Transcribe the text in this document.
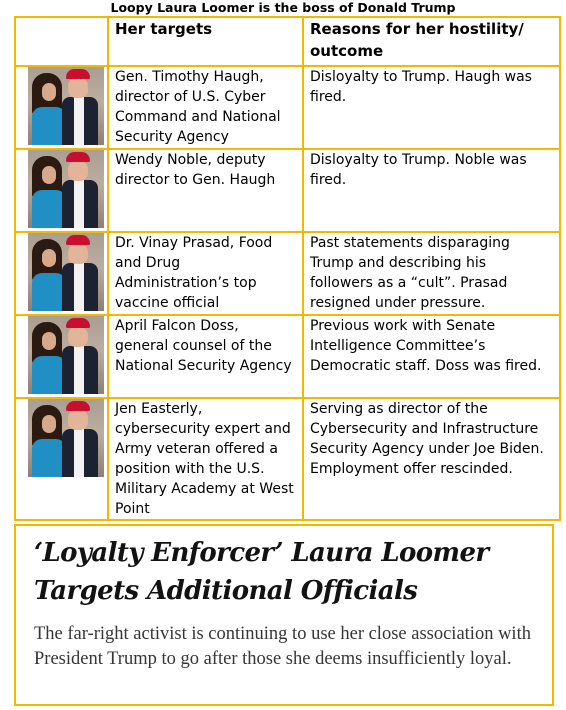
Loopy Laura Loomer is the boss of Donald Trump
	Her targets	Reasons for her hostility/ outcome

	Gen. Timothy Haugh, director of U.S. Cyber Command and National Security Agency	Disloyalty to Trump. Haugh was fired.

	Wendy Noble, deputy director to Gen. Haugh	Disloyalty to Trump. Noble was fired.

	Dr. Vinay Prasad, Food and Drug Administration’s top vaccine official	Past statements disparaging Trump and describing his followers as a “cult”. Prasad resigned under pressure.

	April Falcon Doss, general counsel of the National Security Agency	Previous work with Senate Intelligence Committee’s Democratic staff. Doss was fired.

	Jen Easterly, cybersecurity expert and Army veteran offered a position with the U.S. Military Academy at West Point	Serving as director of the Cybersecurity and Infrastructure Security Agency under Joe Biden. Employment offer rescinded.
‘Loyalty Enforcer’ Laura Loomer Targets Additional Officials
The far-right activist is continuing to use her close association with President Trump to go after those she deems insufficiently loyal.
